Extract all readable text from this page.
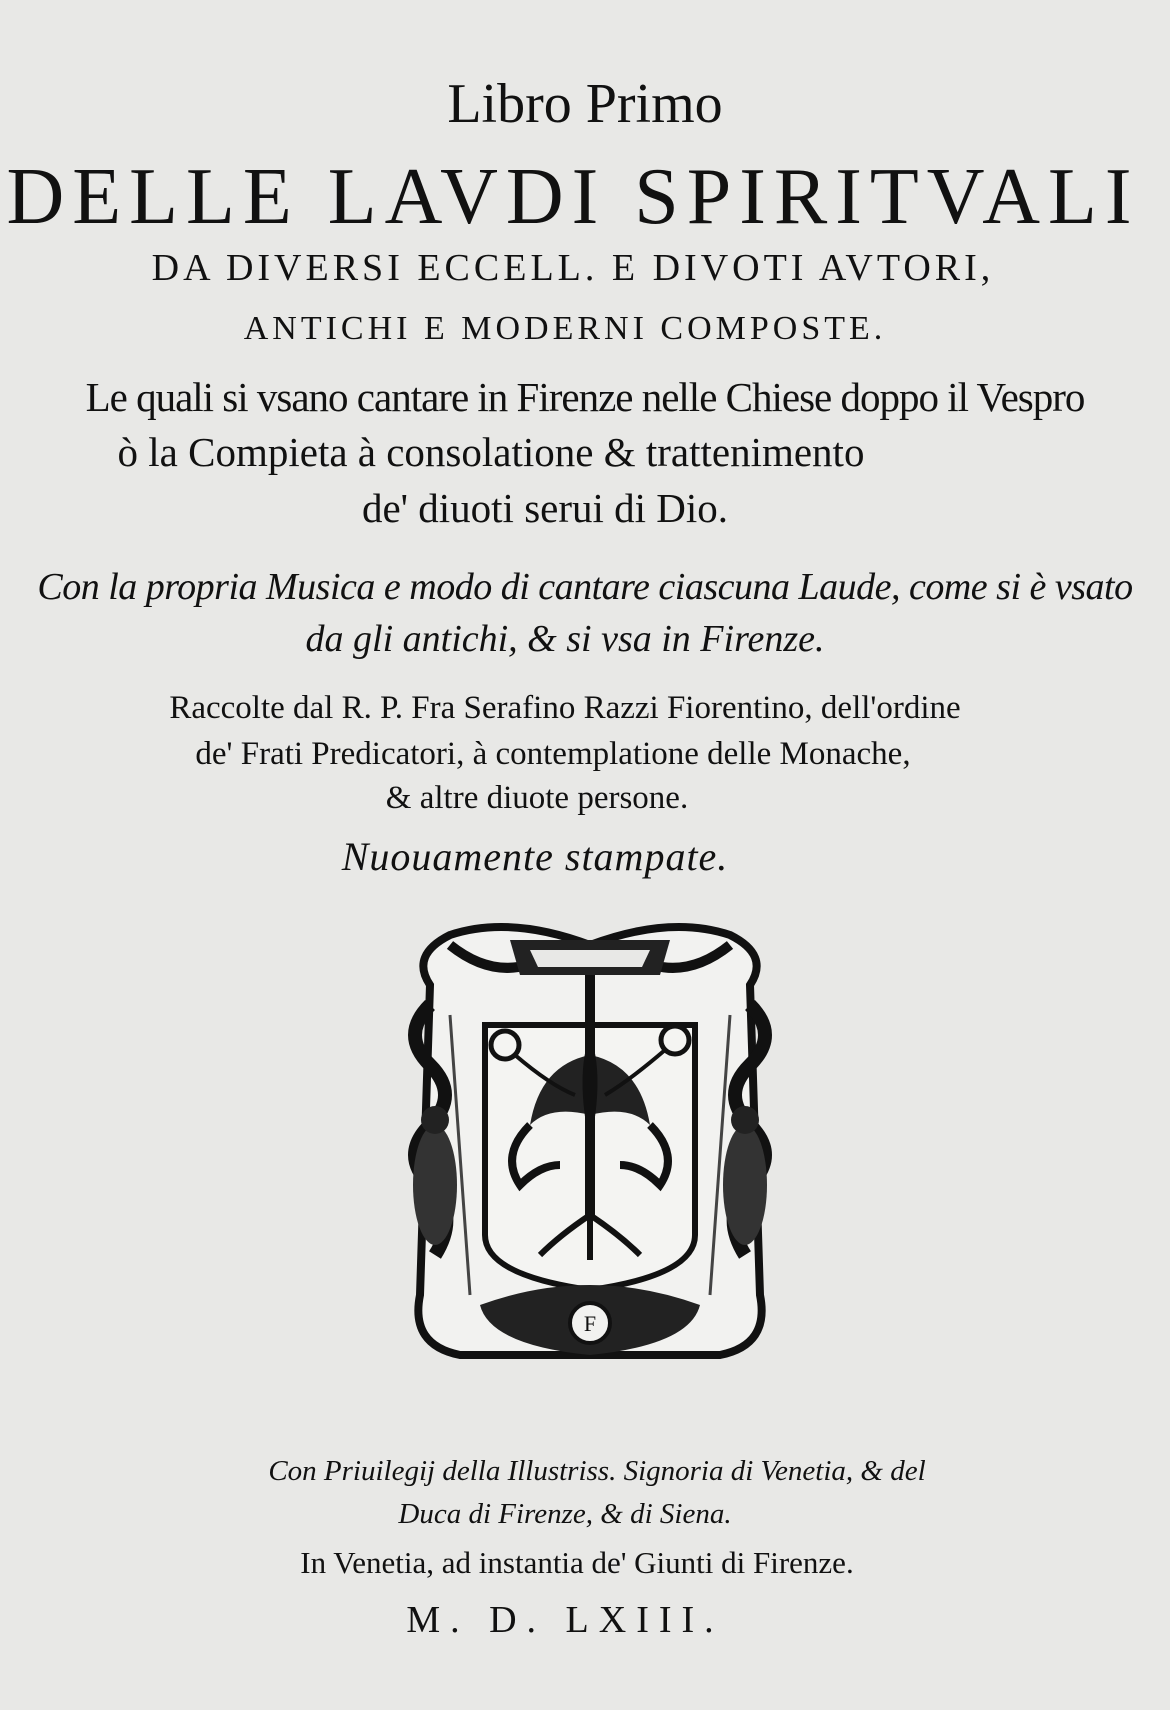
Libro Primo
DELLE LAVDI SPIRITVALI
DA DIVERSI ECCELL. E DIVOTI AVTORI,
ANTICHI E MODERNI COMPOSTE.
Le quali si vsano cantare in Firenze nelle Chiese doppo il Vespro
ò la Compieta à consolatione & trattenimento
de' diuoti serui di Dio.
Con la propria Musica e modo di cantare ciascuna Laude, come si è vsato
da gli antichi, & si vsa in Firenze.
Raccolte dal R. P. Fra Serafino Razzi Fiorentino, dell'ordine
de' Frati Predicatori, à contemplatione delle Monache,
& altre diuote persone.
Nuouamente stampate.
F
Con Priuilegij della Illustriss. Signoria di Venetia, & del
Duca di Firenze, & di Siena.
In Venetia, ad instantia de' Giunti di Firenze.
M. D. LXIII.
